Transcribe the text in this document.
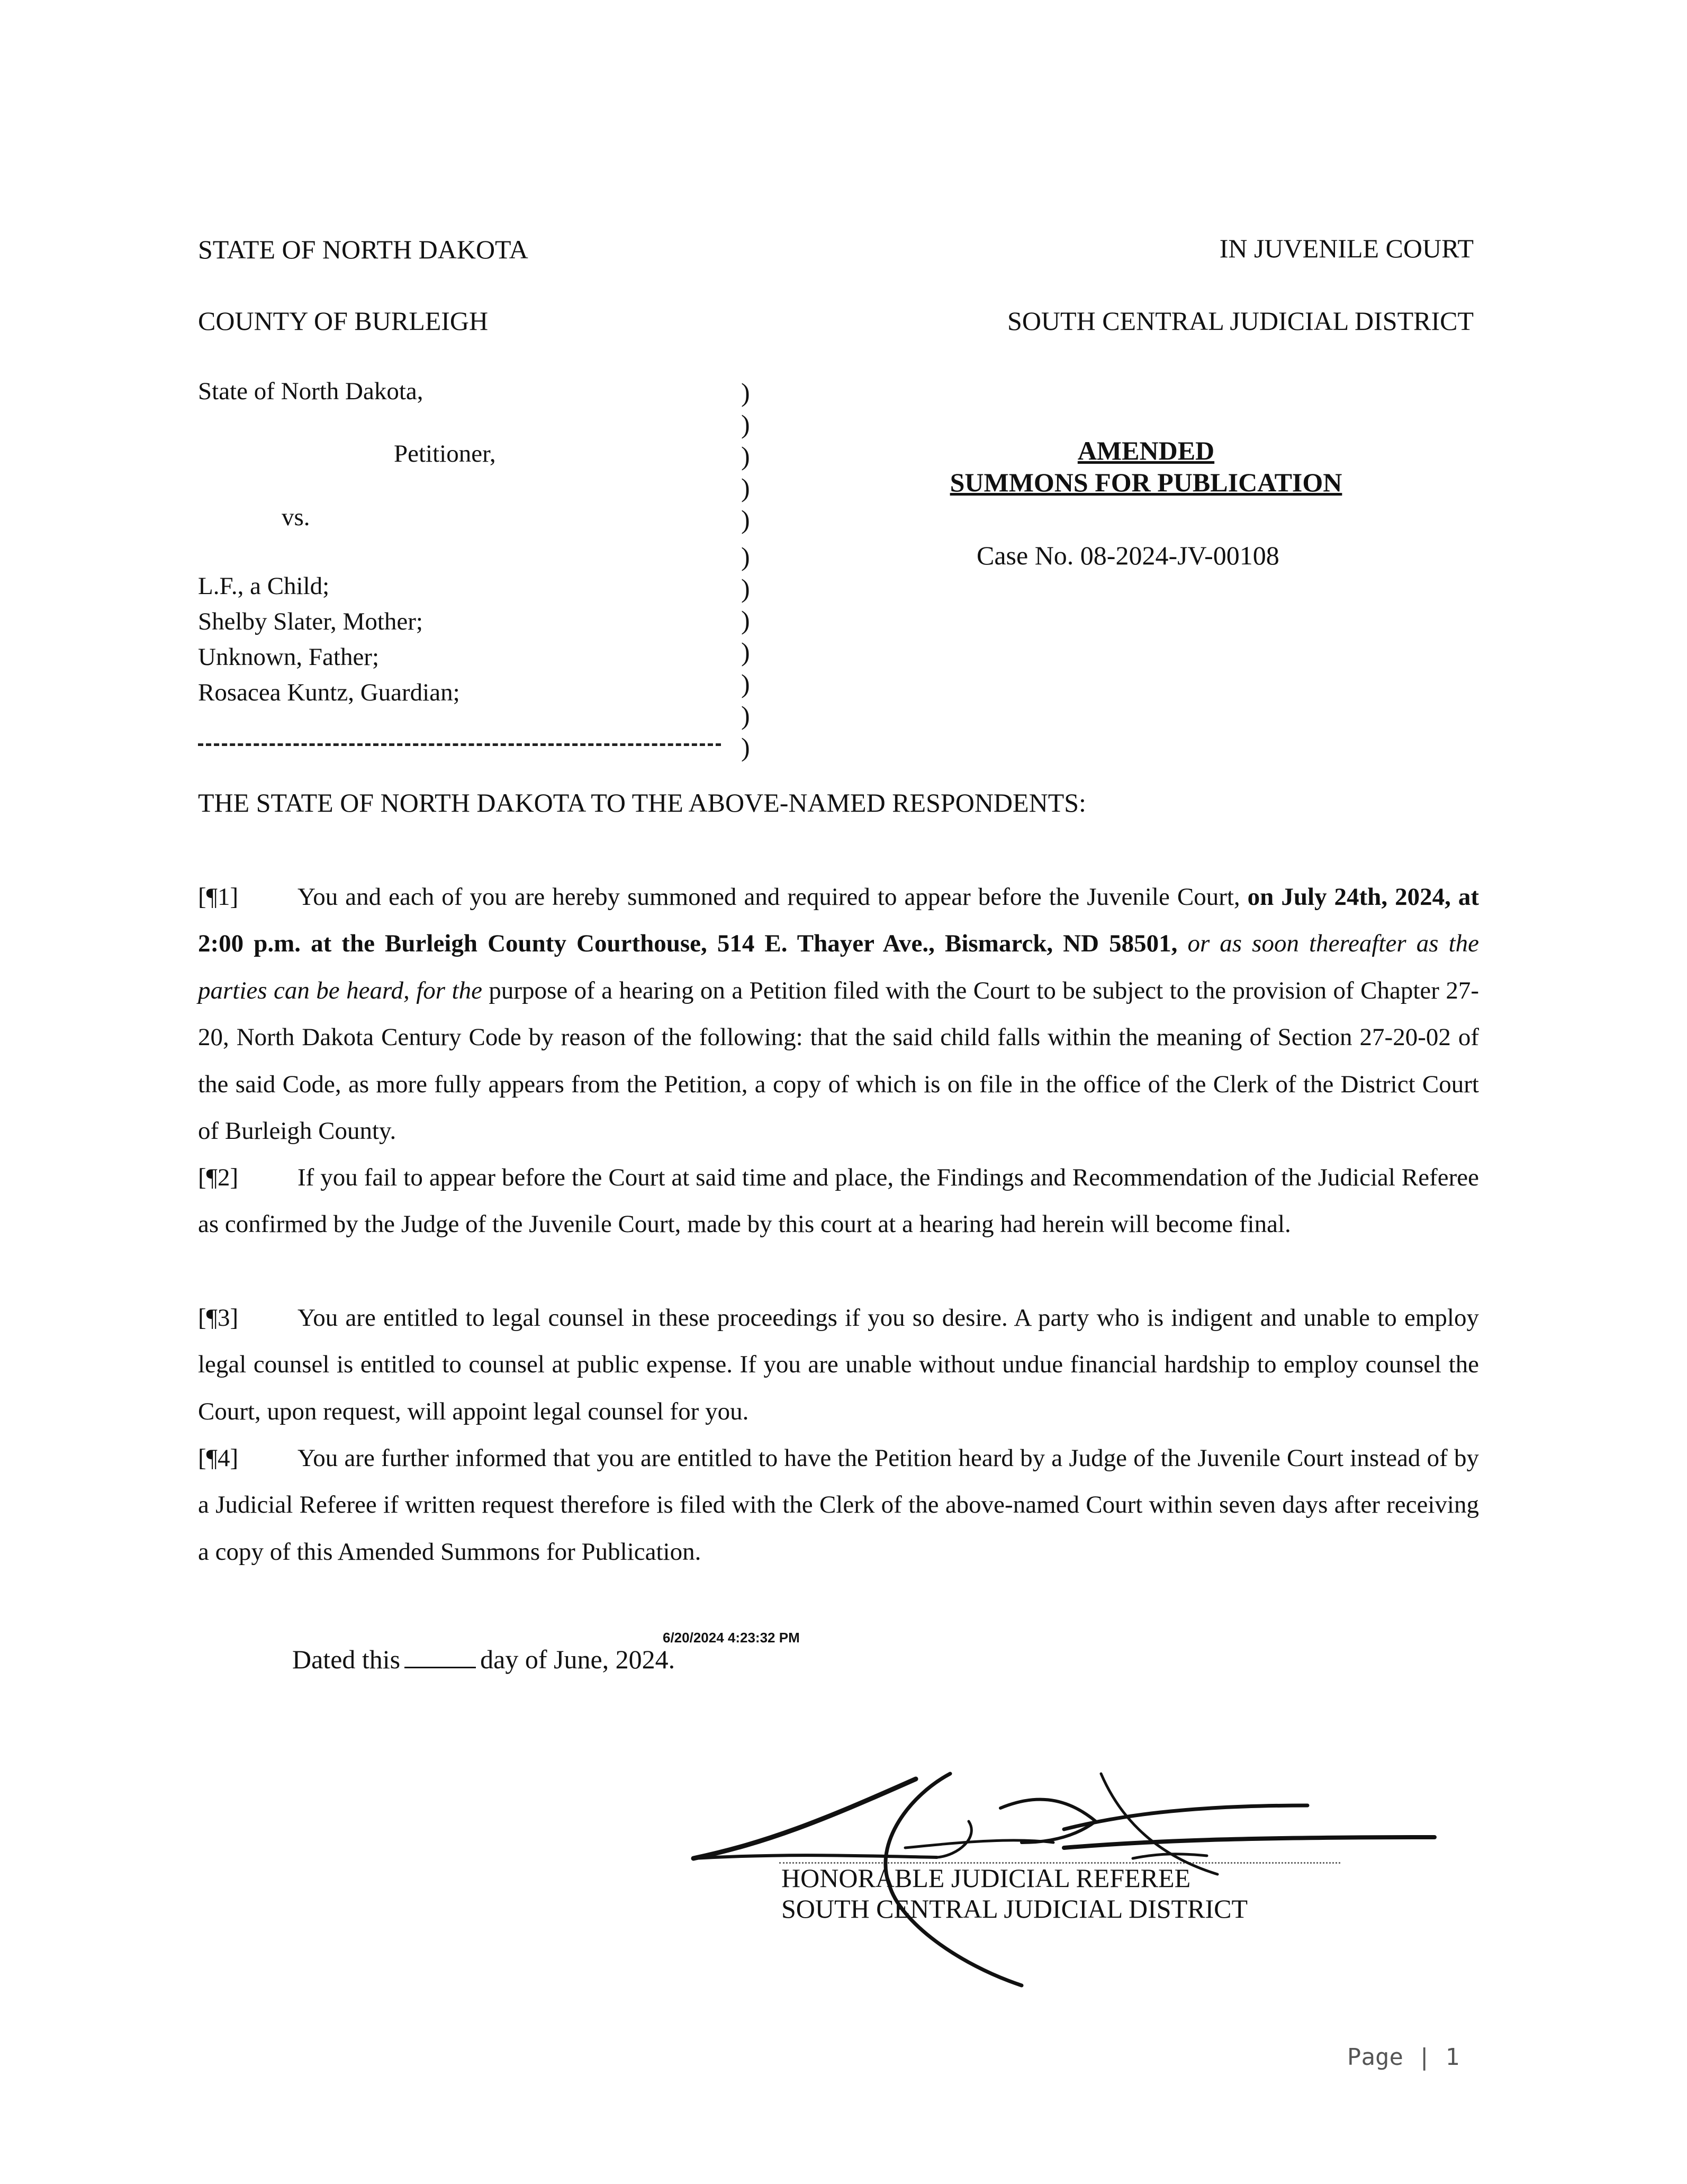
STATE OF NORTH DAKOTA	IN JUVENILE COURT
COUNTY OF BURLEIGH	SOUTH CENTRAL JUDICIAL DISTRICT
State of North Dakota,
Petitioner,
vs.
L.F., a Child;
Shelby Slater, Mother;
Unknown, Father;
Rosacea Kuntz, Guardian;
)
)
)
)
)
)
)
)
)
)
)
)
AMENDED
SUMMONS FOR PUBLICATION
Case No. 08-2024-JV-00108
THE STATE OF NORTH DAKOTA TO THE ABOVE-NAMED RESPONDENTS:
[¶1] You and each of you are hereby summoned and required to appear before the Juvenile Court, on July 24th, 2024, at 2:00 p.m. at the Burleigh County Courthouse, 514 E. Thayer Ave., Bismarck, ND 58501, or as soon thereafter as the parties can be heard, for the purpose of a hearing on a Petition filed with the Court to be subject to the provision of Chapter 27-20, North Dakota Century Code by reason of the following: that the said child falls within the meaning of Section 27-20-02 of the said Code, as more fully appears from the Petition, a copy of which is on file in the office of the Clerk of the District Court of Burleigh County.
[¶2] If you fail to appear before the Court at said time and place, the Findings and Recommendation of the Judicial Referee as confirmed by the Judge of the Juvenile Court, made by this court at a hearing had herein will become final.
[¶3] You are entitled to legal counsel in these proceedings if you so desire. A party who is indigent and unable to employ legal counsel is entitled to counsel at public expense. If you are unable without undue financial hardship to employ counsel the Court, upon request, will appoint legal counsel for you.
[¶4] You are further informed that you are entitled to have the Petition heard by a Judge of the Juvenile Court instead of by a Judicial Referee if written request therefore is filed with the Clerk of the above-named Court within seven days after receiving a copy of this Amended Summons for Publication.
6/20/2024 4:23:32 PM
Dated this	day of June, 2024.
HONORABLE JUDICIAL REFEREE
SOUTH CENTRAL JUDICIAL DISTRICT
Page | 1
